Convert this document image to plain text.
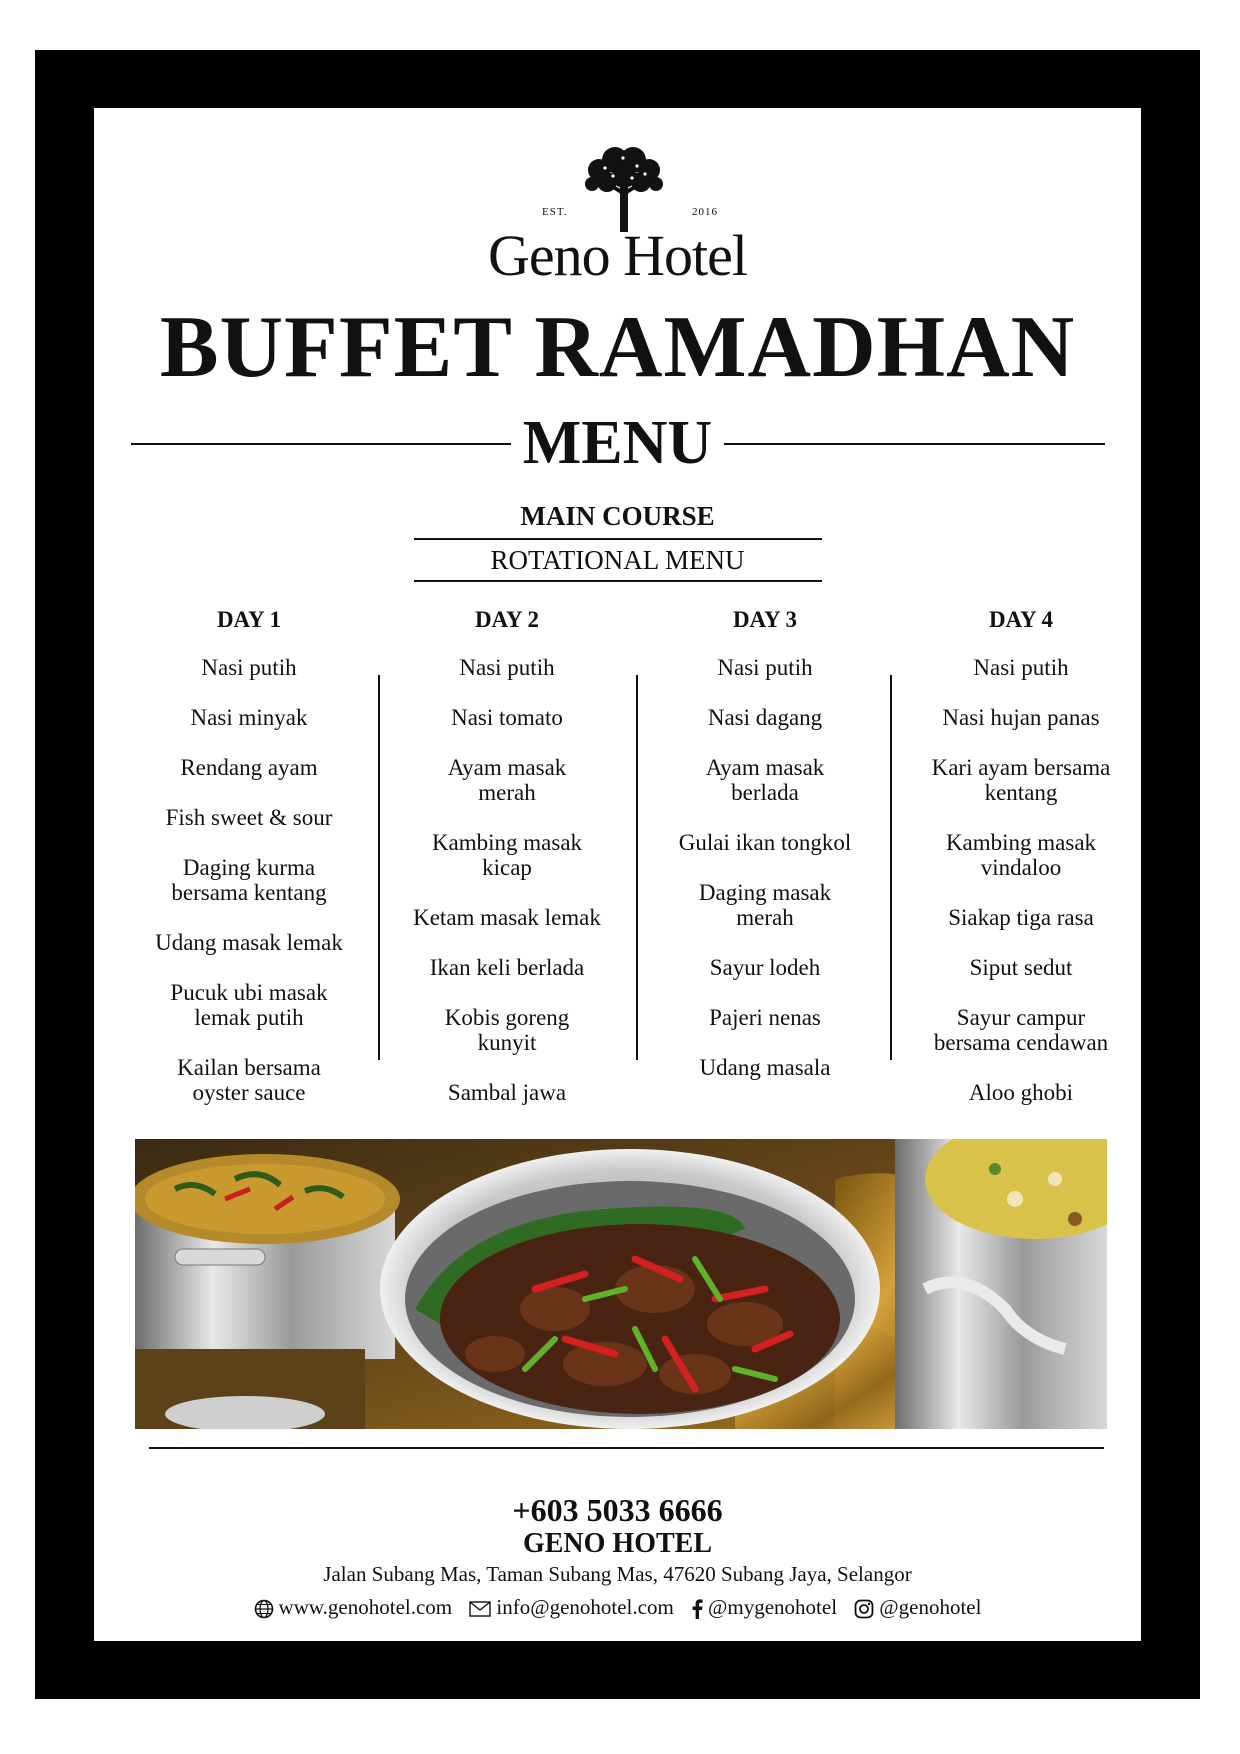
EST.	2016
Geno Hotel
BUFFET RAMADHAN
MENU
MAIN COURSE
ROTATIONAL MENU
DAY 1
Nasi putih
Nasi minyak
Rendang ayam
Fish sweet & sour
Daging kurma bersama kentang
Udang masak lemak
Pucuk ubi masak lemak putih
Kailan bersama oyster sauce
DAY 2
Nasi putih
Nasi tomato
Ayam masak merah
Kambing masak kicap
Ketam masak lemak
Ikan keli berlada
Kobis goreng kunyit
Sambal jawa
DAY 3
Nasi putih
Nasi dagang
Ayam masak berlada
Gulai ikan tongkol
Daging masak merah
Sayur lodeh
Pajeri nenas
Udang masala
DAY 4
Nasi putih
Nasi hujan panas
Kari ayam bersama kentang
Kambing masak vindaloo
Siakap tiga rasa
Siput sedut
Sayur campur bersama cendawan
Aloo ghobi
+603 5033 6666
GENO HOTEL
Jalan Subang Mas, Taman Subang Mas, 47620 Subang Jaya, Selangor
www.genohotel.com info@genohotel.com @mygenohotel @genohotel
